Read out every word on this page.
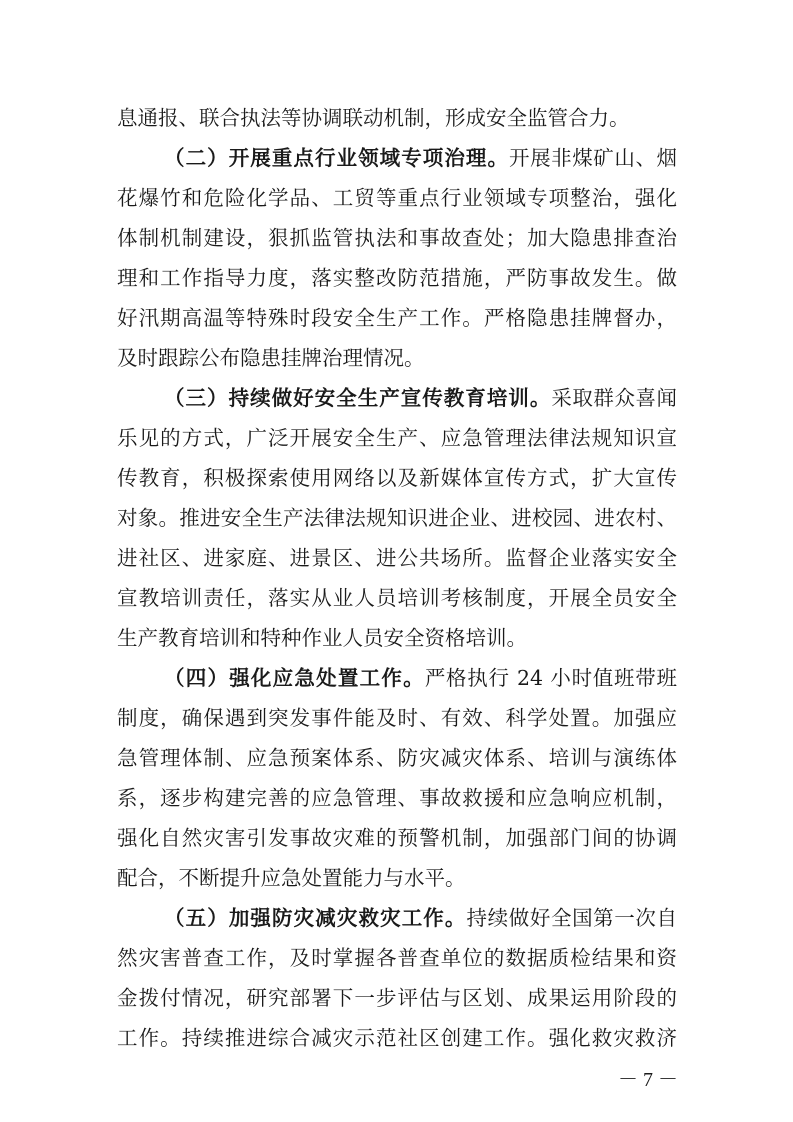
息通报、联合执法等协调联动机制，形成安全监管合力。
（二）开展重点行业领域专项治理。开展非煤矿山、烟
花爆竹和危险化学品、工贸等重点行业领域专项整治，强化
体制机制建设，狠抓监管执法和事故查处；加大隐患排查治
理和工作指导力度，落实整改防范措施，严防事故发生。做
好汛期高温等特殊时段安全生产工作。严格隐患挂牌督办，
及时跟踪公布隐患挂牌治理情况。
（三）持续做好安全生产宣传教育培训。采取群众喜闻
乐见的方式，广泛开展安全生产、应急管理法律法规知识宣
传教育，积极探索使用网络以及新媒体宣传方式，扩大宣传
对象。推进安全生产法律法规知识进企业、进校园、进农村、
进社区、进家庭、进景区、进公共场所。监督企业落实安全
宣教培训责任，落实从业人员培训考核制度，开展全员安全
生产教育培训和特种作业人员安全资格培训。
（四）强化应急处置工作。严格执行 24 小时值班带班
制度，确保遇到突发事件能及时、有效、科学处置。加强应
急管理体制、应急预案体系、防灾减灾体系、培训与演练体
系，逐步构建完善的应急管理、事故救援和应急响应机制，
强化自然灾害引发事故灾难的预警机制，加强部门间的协调
配合，不断提升应急处置能力与水平。
（五）加强防灾减灾救灾工作。持续做好全国第一次自
然灾害普查工作，及时掌握各普查单位的数据质检结果和资
金拨付情况，研究部署下一步评估与区划、成果运用阶段的
工作。持续推进综合减灾示范社区创建工作。强化救灾救济
－ 7 －
